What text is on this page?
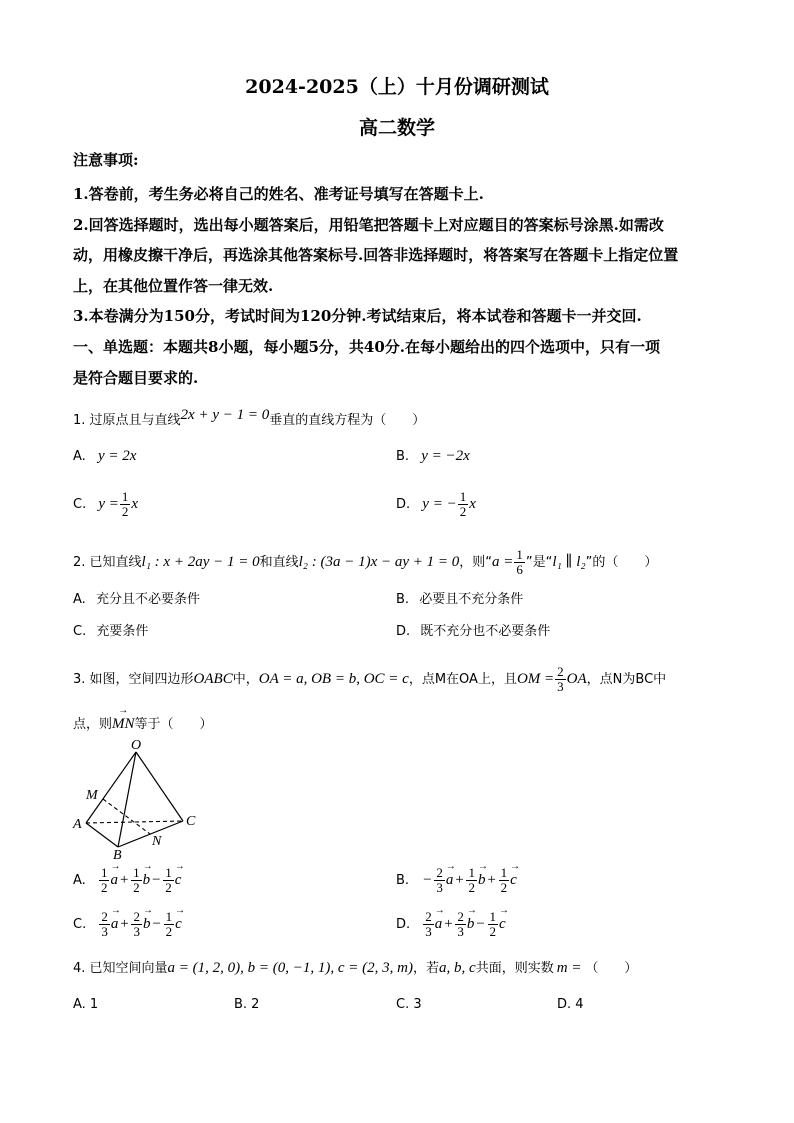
2024-2025（上）十月份调研测试
高二数学
注意事项:
1.答卷前，考生务必将自己的姓名、准考证号填写在答题卡上.
2.回答选择题时，选出每小题答案后，用铅笔把答题卡上对应题目的答案标号涂黑.如需改
动，用橡皮擦干净后，再选涂其他答案标号.回答非选择题时，将答案写在答题卡上指定位置
上，在其他位置作答一律无效.
3.本卷满分为150分，考试时间为120分钟.考试结束后，将本试卷和答题卡一并交回.
一、单选题：本题共8小题，每小题5分，共40分.在每小题给出的四个选项中，只有一项
是符合题目要求的.
1. 过原点且与直线2x + y − 1 = 0垂直的直线方程为（　　）
A. y = 2x	B. y = −2x
C. $y = \frac{1}{2}$ x	D. y = − $\frac{1}{2}$ x
2. 已知直线l₁ : x + 2ay − 1 = 0和直线l₂ : (3a − 1)x − ay + 1 = 0，则“$a = \frac{1}{6}$ ”是“l₁ ∥ l₂”的（　　）
A. 充分且不必要条件	B. 必要且不充分条件
C. 充要条件	D. 既不充分也不必要条件
3. 如图，空间四边形OABC中，OA = a, OB = b, OC = c，点M在OA上，且OM = $\frac{2}{3}$ OA，点N为BC中
点，则→ MN等于（　　）
O
A
B
C
M
N
A. $\frac{1}{2}$
→ $a+ \frac{1}{2}$
→ $b- \frac{1}{2}$
→ c	B. − $\frac{2}{3}$
→ $a+ \frac{1}{2}$
→ $b+ \frac{1}{2}$
→ c
C. $\frac{2}{3}$
→ $a+ \frac{2}{3}$
→ $b- \frac{1}{2}$
→ c	D. $\frac{2}{3}$
→ $a+ \frac{2}{3}$
→ $b- \frac{1}{2}$
→ c
4. 已知空间向量a = (1, 2, 0), b = (0, −1, 1), c = (2, 3, m)，若a, b, c共面，则实数 m = （　　）
A. 1	B. 2	C. 3	D. 4
